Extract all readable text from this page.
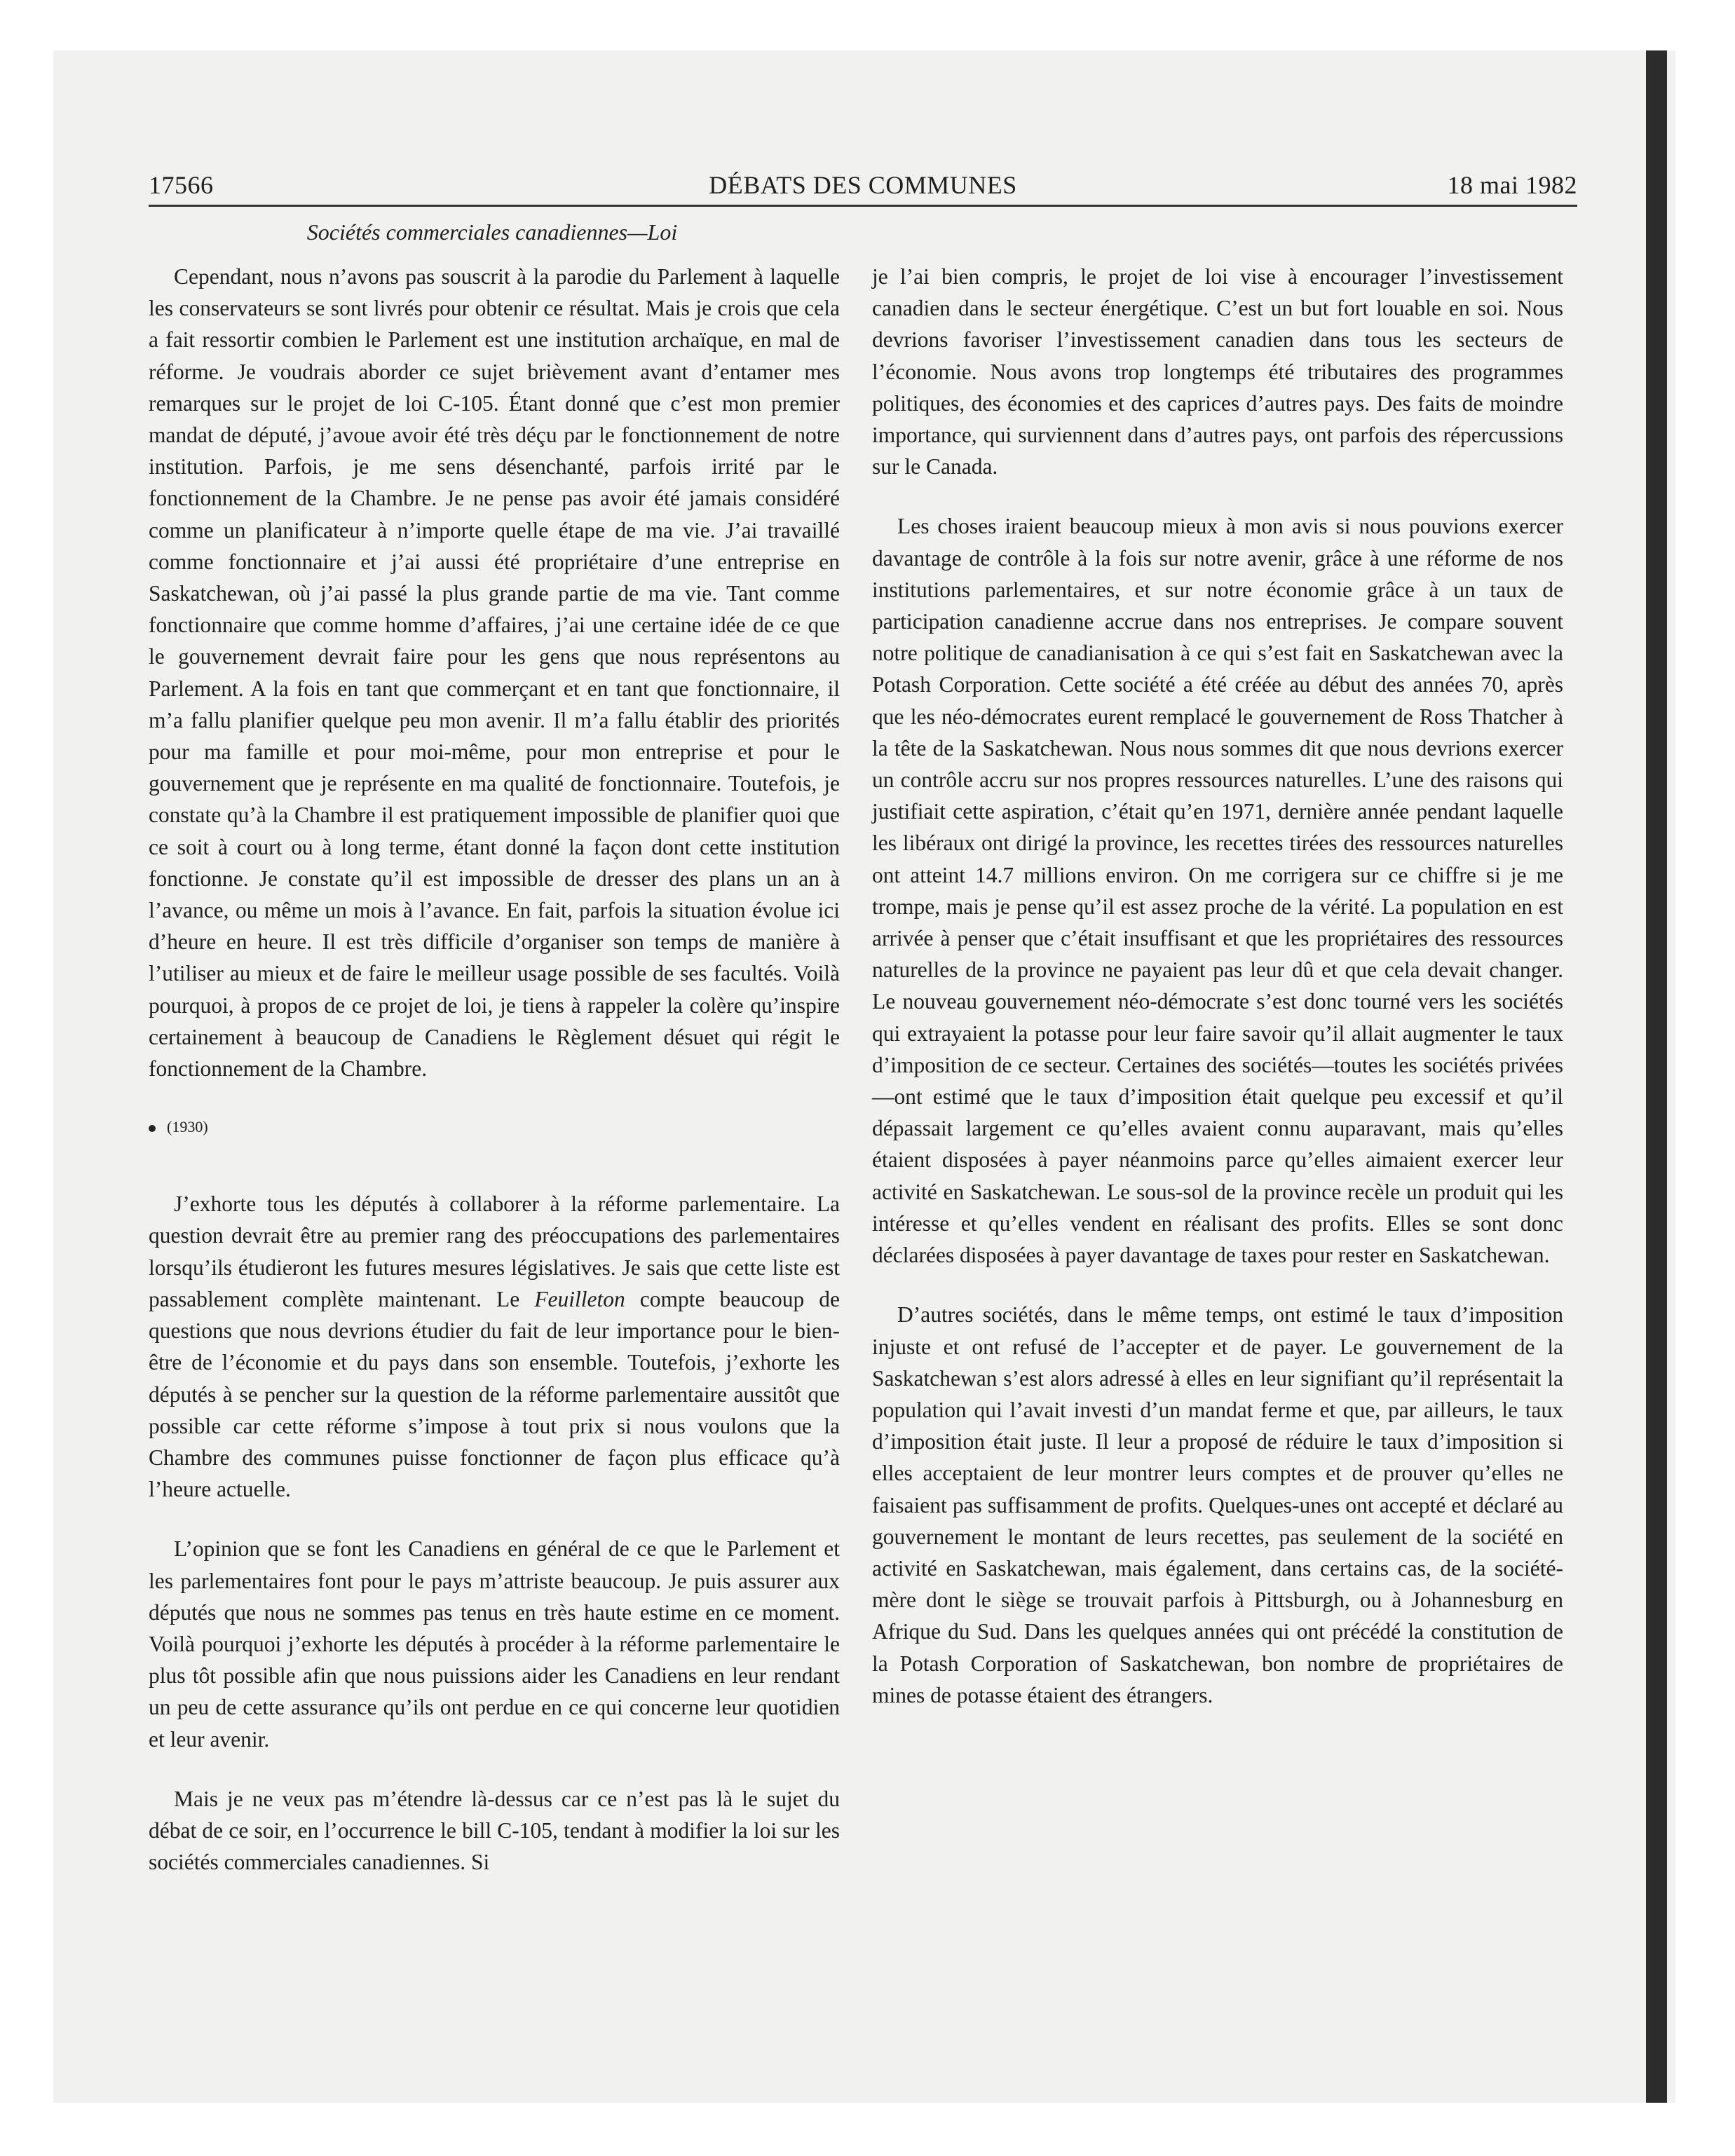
17566	DÉBATS DES COMMUNES	18 mai 1982
Sociétés commerciales canadiennes—Loi

Cependant, nous n’avons pas souscrit à la parodie du Parlement à laquelle les conservateurs se sont livrés pour obtenir ce résultat. Mais je crois que cela a fait ressortir combien le Parlement est une institution archaïque, en mal de réforme. Je voudrais aborder ce sujet brièvement avant d’entamer mes remarques sur le projet de loi C-105. Étant donné que c’est mon premier mandat de député, j’avoue avoir été très déçu par le fonctionnement de notre institution. Parfois, je me sens désenchanté, parfois irrité par le fonctionnement de la Chambre. Je ne pense pas avoir été jamais considéré comme un planificateur à n’importe quelle étape de ma vie. J’ai travaillé comme fonctionnaire et j’ai aussi été propriétaire d’une entreprise en Saskatchewan, où j’ai passé la plus grande partie de ma vie. Tant comme fonctionnaire que comme homme d’affaires, j’ai une certaine idée de ce que le gouvernement devrait faire pour les gens que nous représentons au Parlement. A la fois en tant que commerçant et en tant que fonctionnaire, il m’a fallu planifier quelque peu mon avenir. Il m’a fallu établir des priorités pour ma famille et pour moi-même, pour mon entreprise et pour le gouvernement que je représente en ma qualité de fonctionnaire. Toutefois, je constate qu’à la Chambre il est pratiquement impossible de planifier quoi que ce soit à court ou à long terme, étant donné la façon dont cette institution fonctionne. Je constate qu’il est impossible de dresser des plans un an à l’avance, ou même un mois à l’avance. En fait, parfois la situation évolue ici d’heure en heure. Il est très difficile d’organiser son temps de manière à l’utiliser au mieux et de faire le meilleur usage possible de ses facultés. Voilà pourquoi, à propos de ce projet de loi, je tiens à rappeler la colère qu’inspire certainement à beaucoup de Canadiens le Règlement désuet qui régit le fonctionnement de la Chambre.

(1930)

J’exhorte tous les députés à collaborer à la réforme parlementaire. La question devrait être au premier rang des préoccupations des parlementaires lorsqu’ils étudieront les futures mesures législatives. Je sais que cette liste est passablement complète maintenant. Le Feuilleton compte beaucoup de questions que nous devrions étudier du fait de leur importance pour le bien-être de l’économie et du pays dans son ensemble. Toutefois, j’exhorte les députés à se pencher sur la question de la réforme parlementaire aussitôt que possible car cette réforme s’impose à tout prix si nous voulons que la Chambre des communes puisse fonctionner de façon plus efficace qu’à l’heure actuelle.

L’opinion que se font les Canadiens en général de ce que le Parlement et les parlementaires font pour le pays m’attriste beaucoup. Je puis assurer aux députés que nous ne sommes pas tenus en très haute estime en ce moment. Voilà pourquoi j’exhorte les députés à procéder à la réforme parlementaire le plus tôt possible afin que nous puissions aider les Canadiens en leur rendant un peu de cette assurance qu’ils ont perdue en ce qui concerne leur quotidien et leur avenir.

Mais je ne veux pas m’étendre là-dessus car ce n’est pas là le sujet du débat de ce soir, en l’occurrence le bill C-105, tendant à modifier la loi sur les sociétés commerciales canadiennes. Si

je l’ai bien compris, le projet de loi vise à encourager l’investissement canadien dans le secteur énergétique. C’est un but fort louable en soi. Nous devrions favoriser l’investissement canadien dans tous les secteurs de l’économie. Nous avons trop longtemps été tributaires des programmes politiques, des économies et des caprices d’autres pays. Des faits de moindre importance, qui surviennent dans d’autres pays, ont parfois des répercussions sur le Canada.

Les choses iraient beaucoup mieux à mon avis si nous pouvions exercer davantage de contrôle à la fois sur notre avenir, grâce à une réforme de nos institutions parlementaires, et sur notre économie grâce à un taux de participation canadienne accrue dans nos entreprises. Je compare souvent notre politique de canadianisation à ce qui s’est fait en Saskatchewan avec la Potash Corporation. Cette société a été créée au début des années 70, après que les néo-démocrates eurent remplacé le gouvernement de Ross Thatcher à la tête de la Saskatchewan. Nous nous sommes dit que nous devrions exercer un contrôle accru sur nos propres ressources naturelles. L’une des raisons qui justifiait cette aspiration, c’était qu’en 1971, dernière année pendant laquelle les libéraux ont dirigé la province, les recettes tirées des ressources naturelles ont atteint 14.7 millions environ. On me corrigera sur ce chiffre si je me trompe, mais je pense qu’il est assez proche de la vérité. La population en est arrivée à penser que c’était insuffisant et que les propriétaires des ressources naturelles de la province ne payaient pas leur dû et que cela devait changer. Le nouveau gouvernement néo-démocrate s’est donc tourné vers les sociétés qui extrayaient la potasse pour leur faire savoir qu’il allait augmenter le taux d’imposition de ce secteur. Certaines des sociétés—toutes les sociétés privées—ont estimé que le taux d’imposition était quelque peu excessif et qu’il dépassait largement ce qu’elles avaient connu auparavant, mais qu’elles étaient disposées à payer néanmoins parce qu’elles aimaient exercer leur activité en Saskatchewan. Le sous-sol de la province recèle un produit qui les intéresse et qu’elles vendent en réalisant des profits. Elles se sont donc déclarées disposées à payer davantage de taxes pour rester en Saskatchewan.

D’autres sociétés, dans le même temps, ont estimé le taux d’imposition injuste et ont refusé de l’accepter et de payer. Le gouvernement de la Saskatchewan s’est alors adressé à elles en leur signifiant qu’il représentait la population qui l’avait investi d’un mandat ferme et que, par ailleurs, le taux d’imposition était juste. Il leur a proposé de réduire le taux d’imposition si elles acceptaient de leur montrer leurs comptes et de prouver qu’elles ne faisaient pas suffisamment de profits. Quelques-unes ont accepté et déclaré au gouvernement le montant de leurs recettes, pas seulement de la société en activité en Saskatchewan, mais également, dans certains cas, de la société-mère dont le siège se trouvait parfois à Pittsburgh, ou à Johannesburg en Afrique du Sud. Dans les quelques années qui ont précédé la constitution de la Potash Corporation of Saskatchewan, bon nombre de propriétaires de mines de potasse étaient des étrangers.
